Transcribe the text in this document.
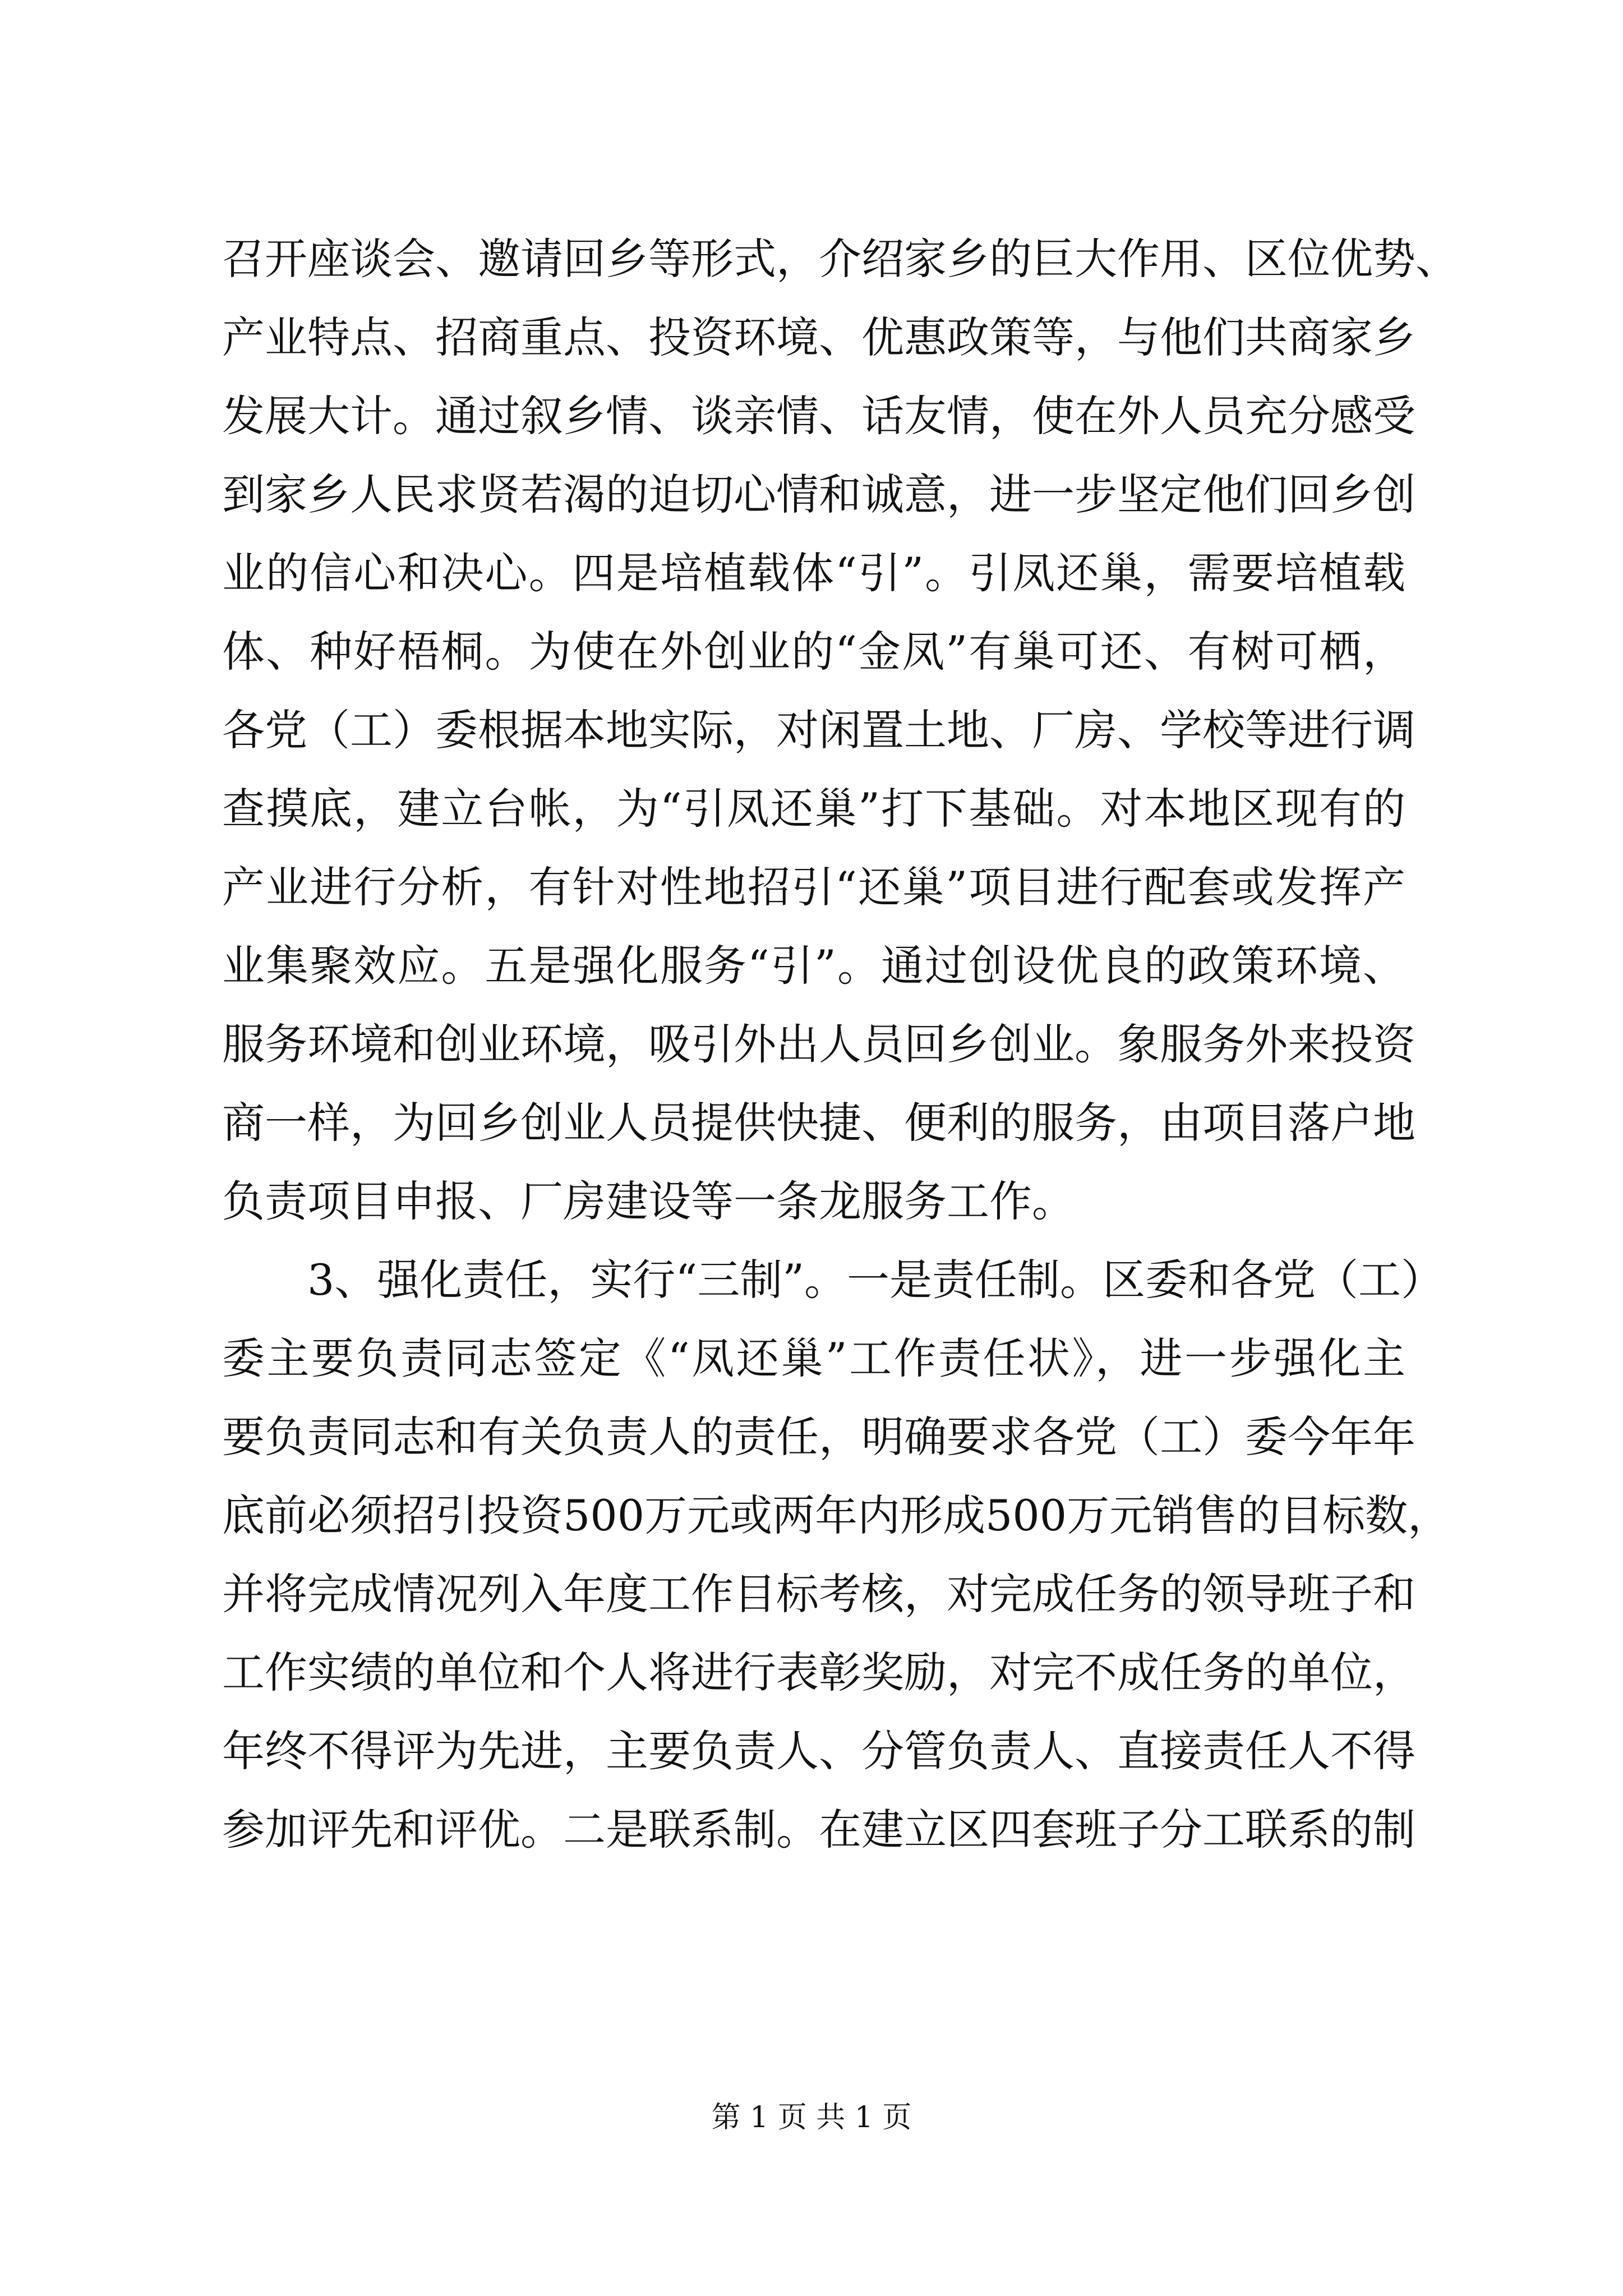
召开座谈会、邀请回乡等形式，介绍家乡的巨大作用、区位优势、
产业特点、招商重点、投资环境、优惠政策等，与他们共商家乡
发展大计。通过叙乡情、谈亲情、话友情，使在外人员充分感受
到家乡人民求贤若渴的迫切心情和诚意，进一步坚定他们回乡创
业的信心和决心。四是培植载体“引”。引凤还巢，需要培植载
体、种好梧桐。为使在外创业的“金凤”有巢可还、有树可栖，
各党（工）委根据本地实际，对闲置土地、厂房、学校等进行调
查摸底，建立台帐，为“引凤还巢”打下基础。对本地区现有的
产业进行分析，有针对性地招引“还巢”项目进行配套或发挥产
业集聚效应。五是强化服务“引”。通过创设优良的政策环境、
服务环境和创业环境，吸引外出人员回乡创业。象服务外来投资
商一样，为回乡创业人员提供快捷、便利的服务，由项目落户地
负责项目申报、厂房建设等一条龙服务工作。
3、强化责任，实行“三制”。一是责任制。区委和各党（工）
委主要负责同志签定《“凤还巢”工作责任状》，进一步强化主
要负责同志和有关负责人的责任，明确要求各党（工）委今年年
底前必须招引投资500万元或两年内形成500万元销售的目标数，
并将完成情况列入年度工作目标考核，对完成任务的领导班子和
工作实绩的单位和个人将进行表彰奖励，对完不成任务的单位，
年终不得评为先进，主要负责人、分管负责人、直接责任人不得
参加评先和评优。二是联系制。在建立区四套班子分工联系的制
第 1 页 共 1 页
